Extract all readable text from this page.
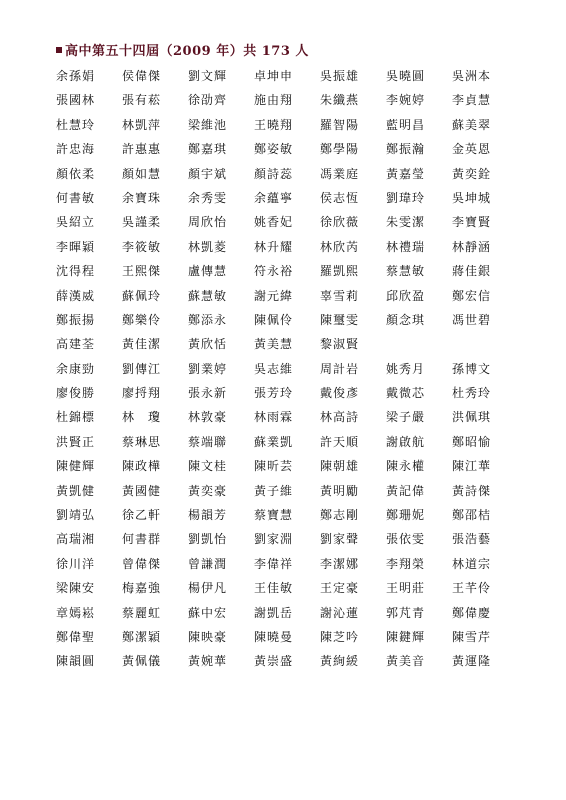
高中第五十四屆（2009 年）共 173 人
余孫娟	侯偉傑	劉文輝	卓坤申	吳振雄	吳曉圓	吳洲本
張國林	張有菘	徐劭齊	施由翔	朱纖燕	李婉婷	李貞慧
杜慧玲	林凱萍	梁維池	王曉翔	羅智陽	藍明昌	蘇美翠
許忠海	許惠惠	鄭嘉琪	鄭姿敏	鄭學陽	鄭振瀚	金英恩
顏依柔	顏如慧	顏宇斌	顏詩蕊	馮業庭	黃嘉瑩	黃奕銓
何書敏	余寶珠	余秀雯	余蘊寧	侯志恆	劉瑋玲	吳坤城
吳紹立	吳謹柔	周欣怡	姚香妃	徐欣薇	朱雯潔	李寶賢
李暉穎	李筱敏	林凱菱	林升耀	林欣芮	林禮瑞	林靜涵
沈得程	王熙傑	盧傳慧	符永裕	羅凱熙	蔡慧敏	蔣佳銀
薛漢威	蘇佩玲	蘇慧敏	謝元緯	辜雪莉	邱欣盈	鄭宏信
鄭振揚	鄭樂伶	鄭添永	陳佩伶	陳璽雯	顏念琪	馮世碧
高建荃	黃佳潔	黃欣恬	黃美慧	黎淑賢
余康勁	劉傳江	劉業婷	吳志維	周計岩	姚秀月	孫博文
廖俊勝	廖捋翔	張永新	張芳玲	戴俊彥	戴微芯	杜秀玲
杜錦標	林　瓊	林敦豪	林雨霖	林高詩	梁子嚴	洪佩琪
洪賢正	蔡琳思	蔡端聯	蘇業凱	許天順	謝啟航	鄭昭愉
陳健輝	陳政樺	陳文桂	陳昕芸	陳朝雄	陳永權	陳江華
黃凱健	黃國健	黃奕豪	黃子維	黃明勵	黃記偉	黃詩傑
劉靖弘	徐乙軒	楊韻芳	蔡寶慧	鄭志剛	鄭珊妮	鄭邵桔
高瑞湘	何書群	劉凱怡	劉家淵	劉家聲	張依雯	張浩藝
徐川洋	曾偉傑	曾謙潤	李偉祥	李潔娜	李翔榮	林道宗
梁陳安	梅嘉強	楊伊凡	王佳敏	王定豪	王明莊	王芊伶
章嫣崧	蔡麗虹	蘇中宏	謝凱岳	謝沁蓮	郭芃青	鄭偉慶
鄭偉聖	鄭潔穎	陳映豪	陳曉曼	陳芝吟	陳鍵輝	陳雪芹
陳韻圓	黃佩儀	黃婉華	黃崇盛	黃絢緩	黃美音	黃運隆
